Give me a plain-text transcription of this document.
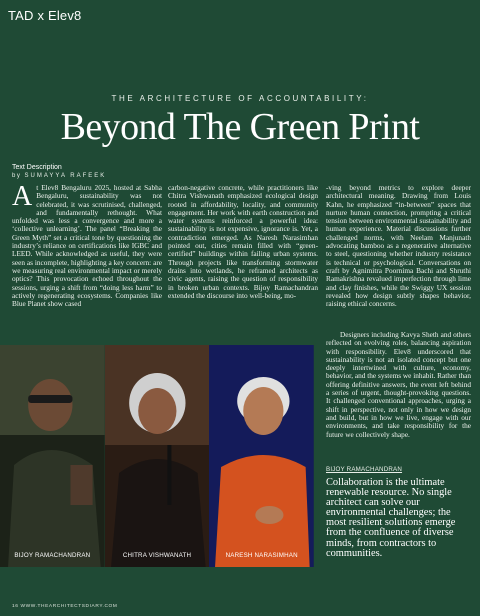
TAD x Elev8
THE ARCHITECTURE OF ACCOUNTABILITY:
Beyond The Green Print
Text Description
by SUMAYYA RAFEEK
At Elev8 Bengaluru 2025, hosted at Sabha Bengaluru, sustainability was not celebrated, it was scrutinised, challenged, and fundamentally rethought. What unfolded was less a convergence and more a ‘collective unlearning’. The panel “Breaking the Green Myth” set a critical tone by questioning the industry’s reliance on certifications like IGBC and LEED. While acknowledged as useful, they were seen as incomplete, highlighting a key concern: are we measuring real environmental impact or merely optics? This provocation echoed throughout the sessions, urging a shift from “doing less harm” to actively regenerating ecosystems. Companies like Blue Planet show cased
carbon-negative concrete, while practitioners like Chitra Vishwanath emphasized ecological design rooted in affordability, locality, and community engagement. Her work with earth construction and water systems reinforced a powerful idea: sustainability is not expensive, ignorance is. Yet, a contradiction emerged. As Naresh Narasimhan pointed out, cities remain filled with “green-certified” buildings within failing urban systems. Through projects like transforming stormwater drains into wetlands, he reframed architects as civic agents, raising the question of responsibility in broken urban contexts. Bijoy Ramachandran extended the discourse into well-being, mo-
-ving beyond metrics to explore deeper architectural meaning. Drawing from Louis Kahn, he emphasized “in-between” spaces that nurture human connection, prompting a critical tension between environmental sustainability and human experience. Material discussions further challenged norms, with Neelam Manjunath advocating bamboo as a regenerative alternative to steel, questioning whether industry resistance is technical or psychological. Conversations on craft by Agnimitra Poornima Bachi and Shruthi Ramakrishna revalued imperfection through lime and clay finishes, while the Swiggy UX session revealed how design subtly shapes behavior, raising ethical concerns.
Designers including Kavya Sheth and others reflected on evolving roles, balancing aspiration with responsibility. Elev8 underscored that sustainability is not an isolated concept but one deeply intertwined with culture, economy, behavior, and the systems we inhabit. Rather than offering definitive answers, the event left behind a series of urgent, thought-provoking questions. It challenged conventional approaches, urging a shift in perspective, not only in how we design and build, but in how we live, engage with our environments, and take responsibility for the future we collectively shape.
BIJOY RAMACHANDRAN	CHITRA VISHWANATH	NARESH NARASIMHAN
BIJOY RAMACHANDRAN
Collaboration is the ultimate renewable resource. No single architect can solve our environmental challenges; the most resilient solutions emerge from the confluence of diverse minds, from contractors to communities.
16 WWW.THEARCHITECTSDIARY.COM
